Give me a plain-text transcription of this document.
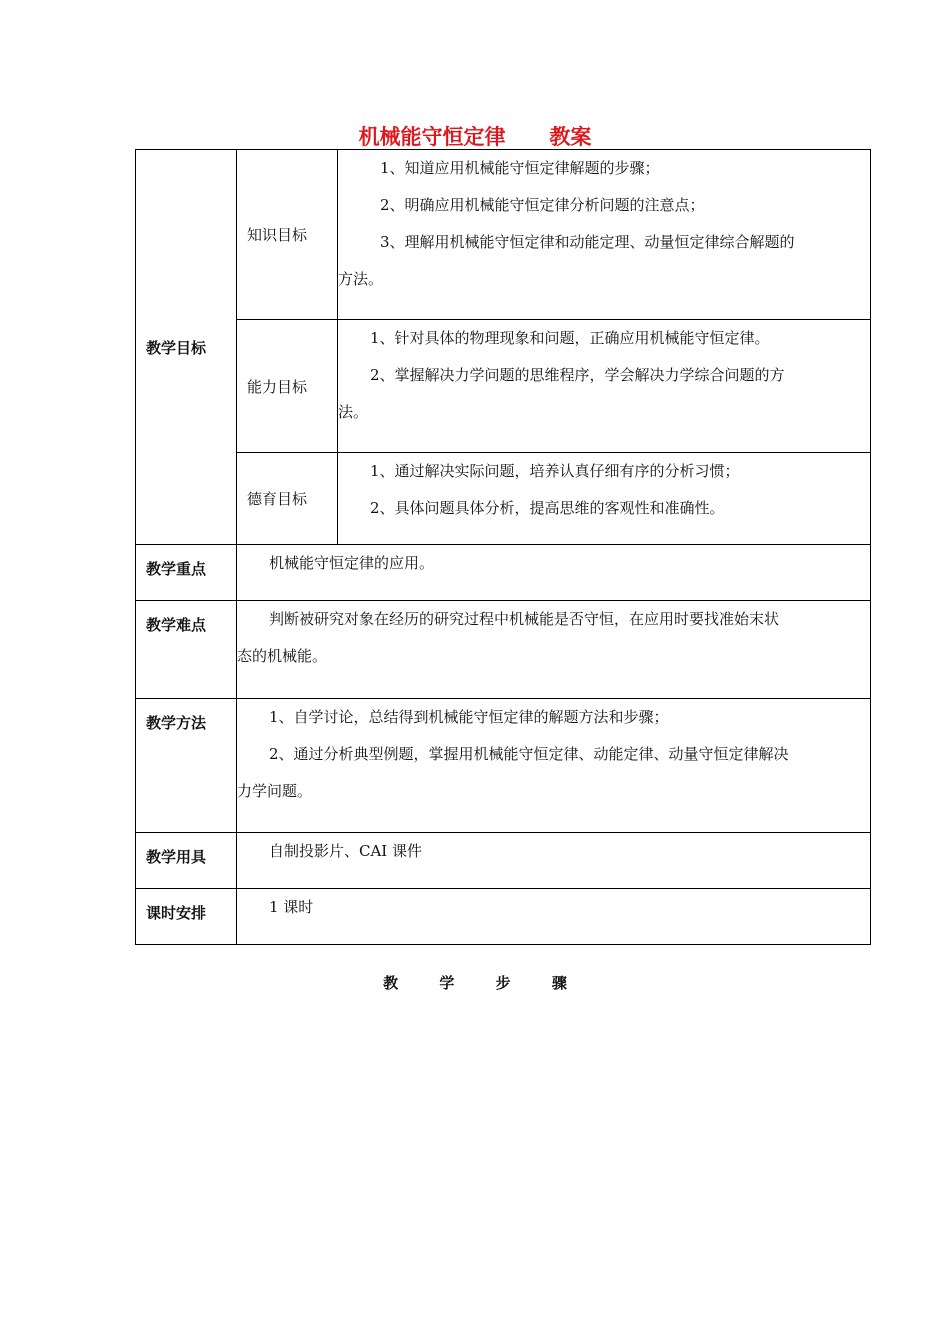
机械能守恒定律      教案
教学目标	知识目标	1、知道应用机械能守恒定律解题的步骤；

2、明确应用机械能守恒定律分析问题的注意点；

3、理解用机械能守恒定律和动能定理、动量恒定律综合解题的

方法。

	能力目标	1、针对具体的物理现象和问题，正确应用机械能守恒定律。

2、掌握解决力学问题的思维程序，学会解决力学综合问题的方

法。

	德育目标	1、通过解决实际问题，培养认真仔细有序的分析习惯；

2、具体问题具体分析，提高思维的客观性和准确性。

教学重点	机械能守恒定律的应用。	

教学难点	判断被研究对象在经历的研究过程中机械能是否守恒，在应用时要找准始末状

态的机械能。	

教学方法	1、自学讨论，总结得到机械能守恒定律的解题方法和步骤；

2、通过分析典型例题，掌握用机械能守恒定律、动能定律、动量守恒定律解决

力学问题。	

教学用具	自制投影片、CAI 课件	

课时安排	1 课时	

教	学	步	骤
